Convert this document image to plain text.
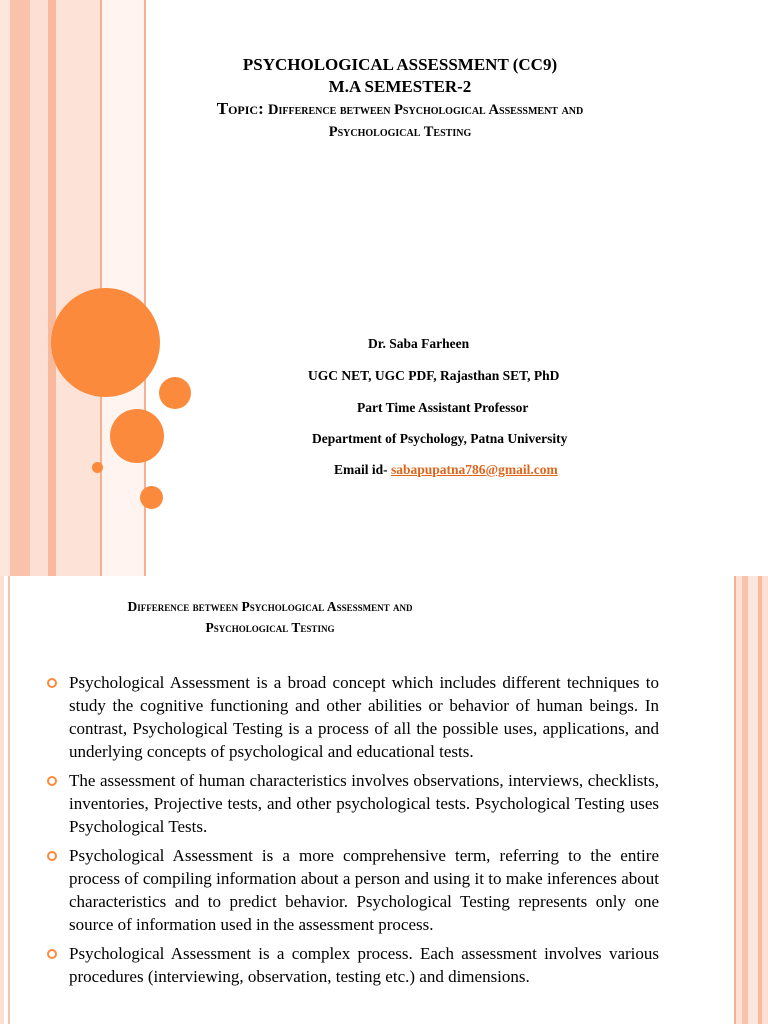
PSYCHOLOGICAL ASSESSMENT (CC9)
M.A SEMESTER-2
Topic: Difference between Psychological Assessment and
Psychological Testing
Dr. Saba Farheen
UGC NET, UGC PDF, Rajasthan SET, PhD
Part Time Assistant Professor
Department of Psychology, Patna University
Email id- sabapupatna786@gmail.com
Difference between Psychological Assessment and
Psychological Testing
Psychological Assessment is a broad concept which includes different techniques to study the cognitive functioning and other abilities or behavior of human beings. In contrast, Psychological Testing is a process of all the possible uses, applications, and underlying concepts of psychological and educational tests.
The assessment of human characteristics involves observations, interviews, checklists, inventories, Projective tests, and other psychological tests. Psychological Testing uses Psychological Tests.
Psychological Assessment is a more comprehensive term, referring to the entire process of compiling information about a person and using it to make inferences about characteristics and to predict behavior. Psychological Testing represents only one source of information used in the assessment process.
Psychological Assessment is a complex process. Each assessment involves various procedures (interviewing, observation, testing etc.) and dimensions.
